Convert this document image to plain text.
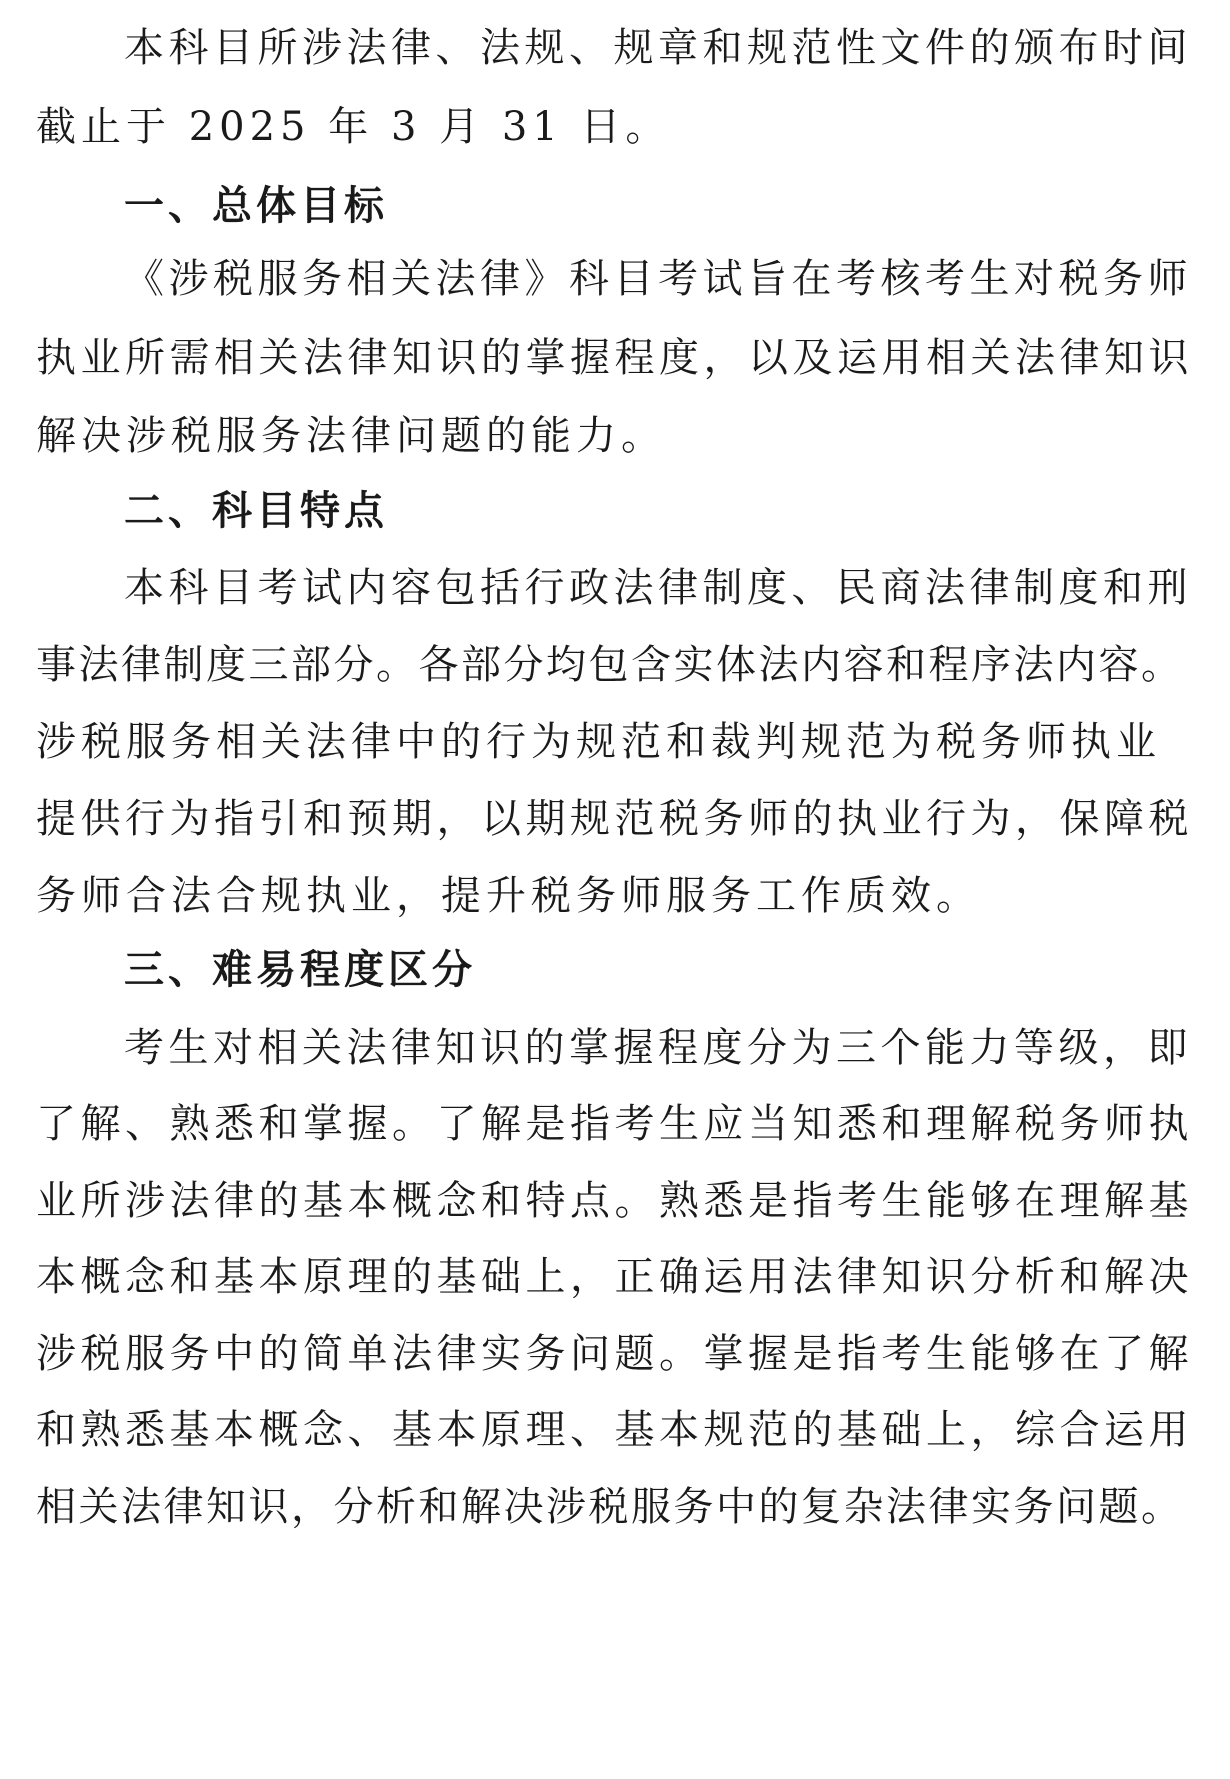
本科目所涉法律、法规、规章和规范性文件的颁布时间
截止于 2025 年 3 月 31 日。
一、总体目标
《涉税服务相关法律》科目考试旨在考核考生对税务师
执业所需相关法律知识的掌握程度，以及运用相关法律知识
解决涉税服务法律问题的能力。
二、科目特点
本科目考试内容包括行政法律制度、民商法律制度和刑
事法律制度三部分。各部分均包含实体法内容和程序法内容。
涉税服务相关法律中的行为规范和裁判规范为税务师执业
提供行为指引和预期，以期规范税务师的执业行为，保障税
务师合法合规执业，提升税务师服务工作质效。
三、难易程度区分
考生对相关法律知识的掌握程度分为三个能力等级，即
了解、熟悉和掌握。了解是指考生应当知悉和理解税务师执
业所涉法律的基本概念和特点。熟悉是指考生能够在理解基
本概念和基本原理的基础上，正确运用法律知识分析和解决
涉税服务中的简单法律实务问题。掌握是指考生能够在了解
和熟悉基本概念、基本原理、基本规范的基础上，综合运用
相关法律知识，分析和解决涉税服务中的复杂法律实务问题。
